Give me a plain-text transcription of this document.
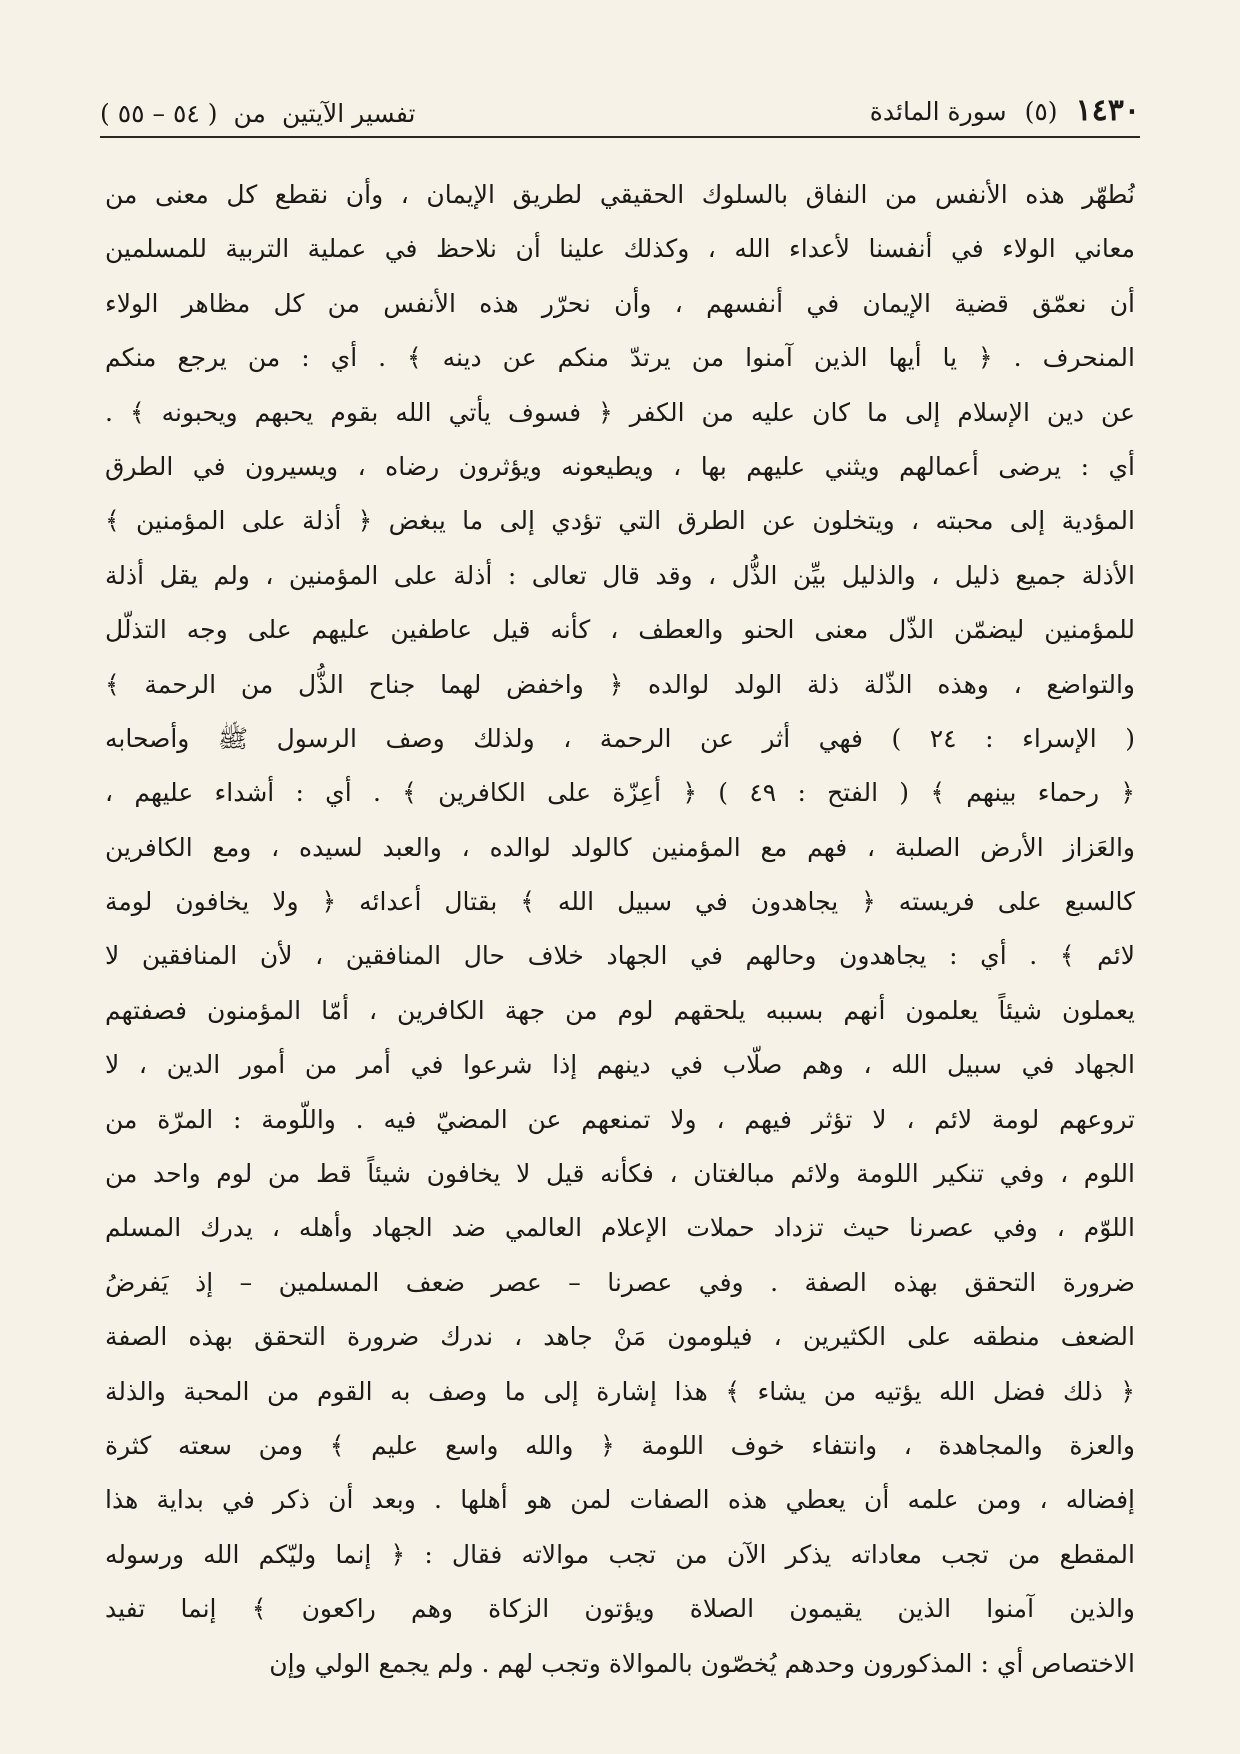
١٤٣٠
(٥)
سورة المائدة
تفسير الآيتين
من
( ٥٤ – ٥٥ )
نُطهّر هذه الأنفس من النفاق بالسلوك الحقيقي لطريق الإيمان ، وأن نقطع كل معنى من
معاني الولاء في أنفسنا لأعداء الله ، وكذلك علينا أن نلاحظ في عملية التربية للمسلمين
أن نعمّق قضية الإيمان في أنفسهم ، وأن نحرّر هذه الأنفس من كل مظاهر الولاء
المنحرف . ﴿ يا أيها الذين آمنوا من يرتدّ منكم عن دينه ﴾ . أي : من يرجع منكم
عن دين الإسلام إلى ما كان عليه من الكفر ﴿ فسوف يأتي الله بقوم يحبهم ويحبونه ﴾ .
أي : يرضى أعمالهم ويثني عليهم بها ، ويطيعونه ويؤثرون رضاه ، ويسيرون في الطرق
المؤدية إلى محبته ، ويتخلون عن الطرق التي تؤدي إلى ما يبغض ﴿ أذلة على المؤمنين ﴾
الأذلة جميع ذليل ، والذليل بيِّن الذُّل ، وقد قال تعالى : أذلة على المؤمنين ، ولم يقل أذلة
للمؤمنين ليضمّن الذّل معنى الحنو والعطف ، كأنه قيل عاطفين عليهم على وجه التذلّل
والتواضع ، وهذه الذّلة ذلة الولد لوالده ﴿ واخفض لهما جناح الذُّل من الرحمة ﴾
( الإسراء : ٢٤ ) فهي أثر عن الرحمة ، ولذلك وصف الرسول ﷺ وأصحابه
﴿ رحماء بينهم ﴾ ( الفتح : ٤٩ ) ﴿ أعِزّة على الكافرين ﴾ . أي : أشداء عليهم ،
والعَزاز الأرض الصلبة ، فهم مع المؤمنين كالولد لوالده ، والعبد لسيده ، ومع الكافرين
كالسبع على فريسته ﴿ يجاهدون في سبيل الله ﴾ بقتال أعدائه ﴿ ولا يخافون لومة
لائم ﴾ . أي : يجاهدون وحالهم في الجهاد خلاف حال المنافقين ، لأن المنافقين لا
يعملون شيئاً يعلمون أنهم بسببه يلحقهم لوم من جهة الكافرين ، أمّا المؤمنون فصفتهم
الجهاد في سبيل الله ، وهم صلّاب في دينهم إذا شرعوا في أمر من أمور الدين ، لا
تروعهم لومة لائم ، لا تؤثر فيهم ، ولا تمنعهم عن المضيّ فيه . واللّومة : المرّة من
اللوم ، وفي تنكير اللومة ولائم مبالغتان ، فكأنه قيل لا يخافون شيئاً قط من لوم واحد من
اللوّم ، وفي عصرنا حيث تزداد حملات الإعلام العالمي ضد الجهاد وأهله ، يدرك المسلم
ضرورة التحقق بهذه الصفة . وفي عصرنا – عصر ضعف المسلمين – إذ يَفرضُ
الضعف منطقه على الكثيرين ، فيلومون مَنْ جاهد ، ندرك ضرورة التحقق بهذه الصفة
﴿ ذلك فضل الله يؤتيه من يشاء ﴾ هذا إشارة إلى ما وصف به القوم من المحبة والذلة
والعزة والمجاهدة ، وانتفاء خوف اللومة ﴿ والله واسع عليم ﴾ ومن سعته كثرة
إفضاله ، ومن علمه أن يعطي هذه الصفات لمن هو أهلها . وبعد أن ذكر في بداية هذا
المقطع من تجب معاداته يذكر الآن من تجب موالاته فقال : ﴿ إنما وليّكم الله ورسوله
والذين آمنوا الذين يقيمون الصلاة ويؤتون الزكاة وهم راكعون ﴾ إنما تفيد
الاختصاص أي : المذكورون وحدهم يُخصّون بالموالاة وتجب لهم . ولم يجمع الولي وإن
